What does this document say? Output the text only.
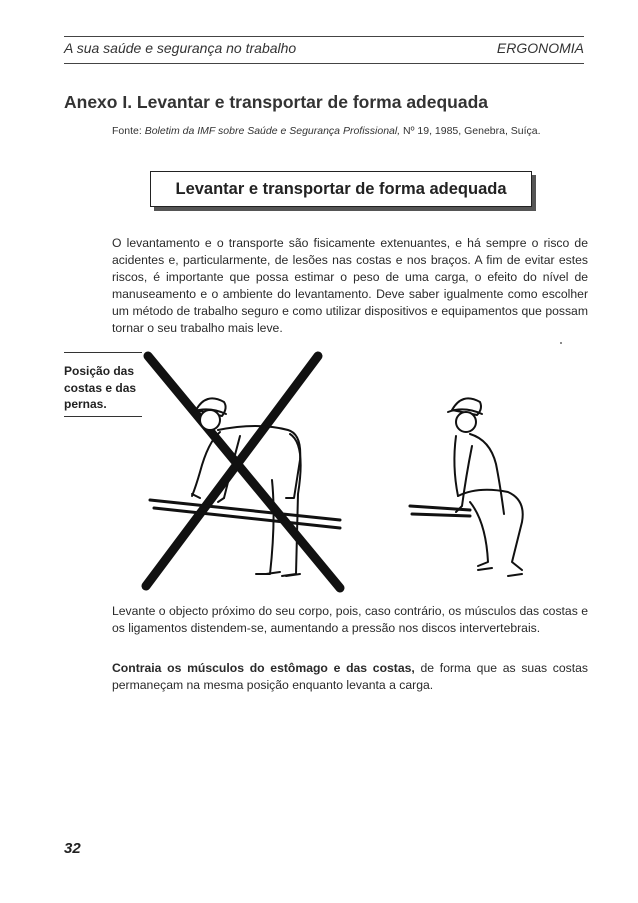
A sua saúde e segurança no trabalho	ERGONOMIA
Anexo I. Levantar e transportar de forma adequada
Fonte: Boletim da IMF sobre Saúde e Segurança Profissional, Nº 19, 1985, Genebra, Suíça.
Levantar e transportar de forma adequada
O levantamento e o transporte são fisicamente extenuantes, e há sempre o risco de acidentes e, particularmente, de lesões nas costas e nos braços. A fim de evitar estes riscos, é importante que possa estimar o peso de uma carga, o efeito do nível de manuseamento e o ambiente do levantamento. Deve saber igualmente como escolher um método de trabalho seguro e como utilizar dispositivos e equipamentos que possam tornar o seu trabalho mais leve.
Posição das
costas e das
pernas.
Levante o objecto próximo do seu corpo, pois, caso contrário, os músculos das costas e os ligamentos distendem-se, aumentando a pressão nos discos intervertebrais.
Contraia os músculos do estômago e das costas, de forma que as suas costas permaneçam na mesma posição enquanto levanta a carga.
32
